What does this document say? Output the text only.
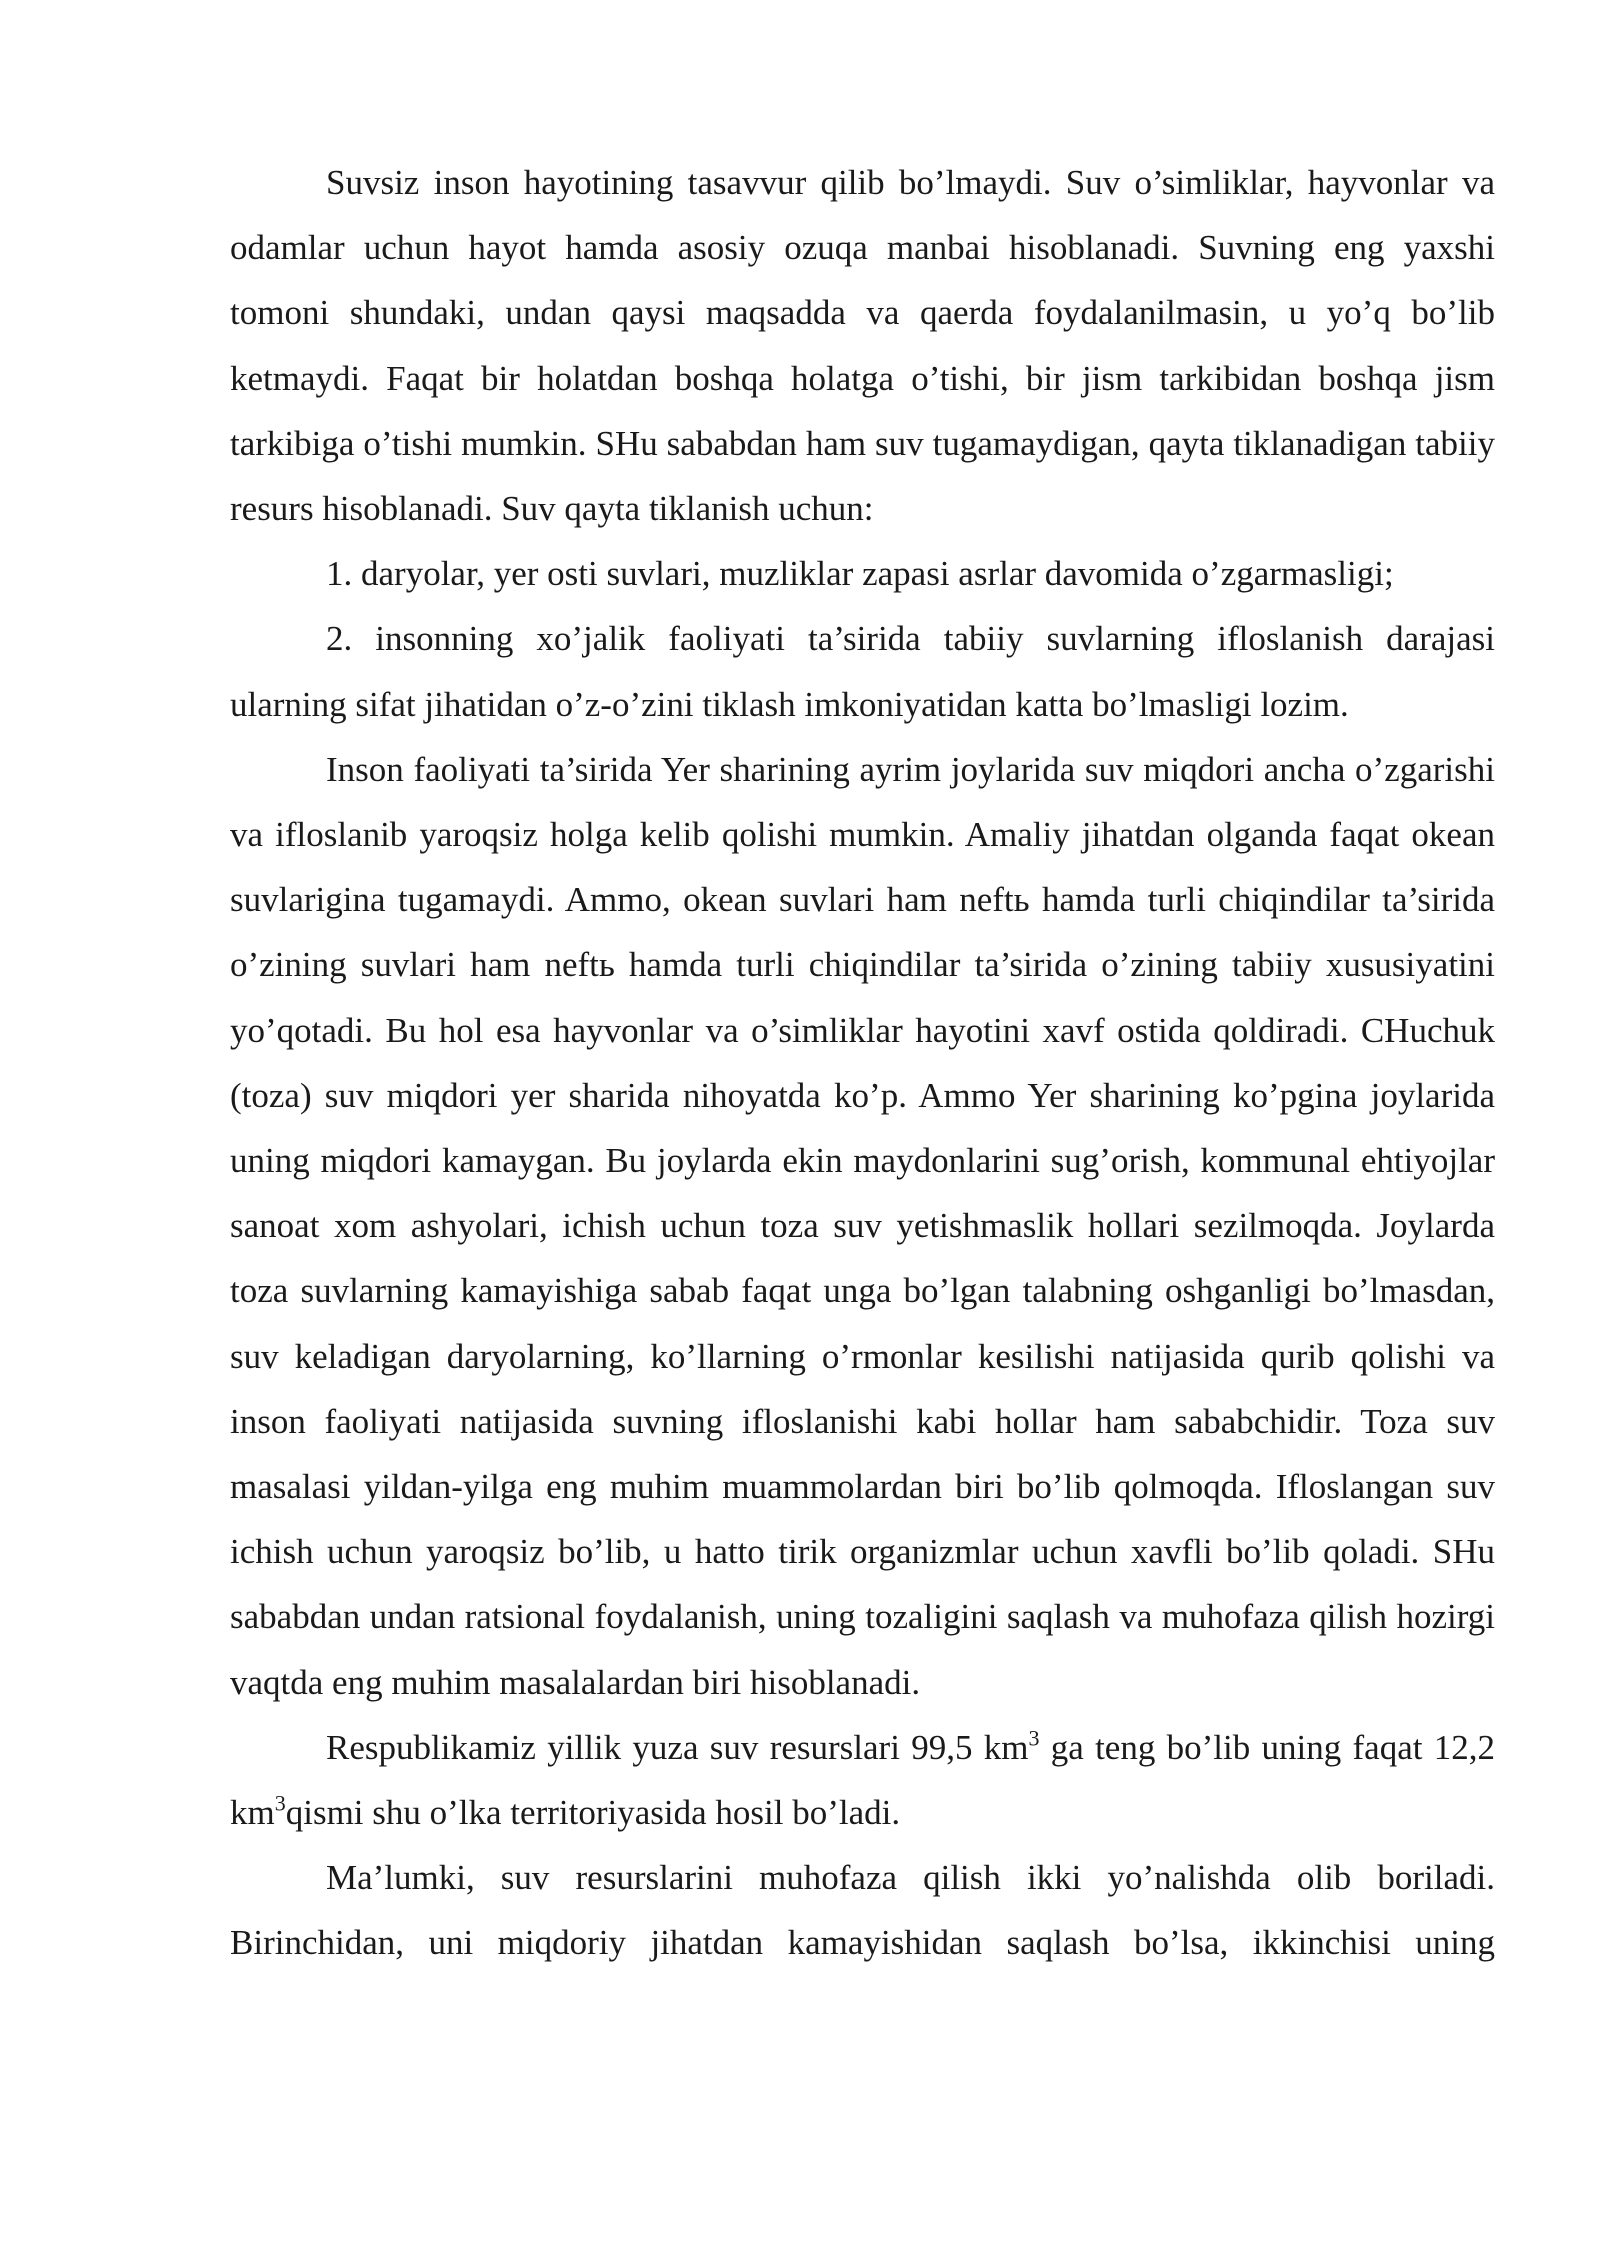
Suvsiz inson hayotining tasavvur qilib bo’lmaydi. Suv o’simliklar, hayvonlar va odamlar uchun hayot hamda asosiy ozuqa manbai hisoblanadi. Suvning eng yaxshi tomoni shundaki, undan qaysi maqsadda va qaerda foydalanilmasin, u yo’q bo’lib ketmaydi. Faqat bir holatdan boshqa holatga o’tishi, bir jism tarkibidan boshqa jism tarkibiga o’tishi mumkin. SHu sababdan ham suv tugamaydigan, qayta tiklanadigan tabiiy resurs hisoblanadi. Suv qayta tiklanish uchun:

1. daryolar, yer osti suvlari, muzliklar zapasi asrlar davomida o’zgarmasligi;

2. insonning xo’jalik faoliyati ta’sirida tabiiy suvlarning ifloslanish darajasi ularning sifat jihatidan o’z-o’zini tiklash imkoniyatidan katta bo’lmasligi lozim.

Inson faoliyati ta’sirida Yer sharining ayrim joylarida suv miqdori ancha o’zgarishi va ifloslanib yaroqsiz holga kelib qolishi mumkin. Amaliy jihatdan olganda faqat okean suvlarigina tugamaydi. Ammo, okean suvlari ham neftь hamda turli chiqindilar ta’sirida o’zining suvlari ham neftь hamda turli chiqindilar ta’sirida o’zining tabiiy xususiyatini yo’qotadi. Bu hol esa hayvonlar va o’simliklar hayotini xavf ostida qoldiradi. CHuchuk (toza) suv miqdori yer sharida nihoyatda ko’p. Ammo Yer sharining ko’pgina joylarida uning miqdori kamaygan. Bu joylarda ekin maydonlarini sug’orish, kommunal ehtiyojlar sanoat xom ashyolari, ichish uchun toza suv yetishmaslik hollari sezilmoqda. Joylarda toza suvlarning kamayishiga sabab faqat unga bo’lgan talabning oshganligi bo’lmasdan, suv keladigan daryolarning, ko’llarning o’rmonlar kesilishi natijasida qurib qolishi va inson faoliyati natijasida suvning ifloslanishi kabi hollar ham sababchidir. Toza suv masalasi yildan-yilga eng muhim muammolardan biri bo’lib qolmoqda. Ifloslangan suv ichish uchun yaroqsiz bo’lib, u hatto tirik organizmlar uchun xavfli bo’lib qoladi. SHu sababdan undan ratsional foydalanish, uning tozaligini saqlash va muhofaza qilish hozirgi vaqtda eng muhim masalalardan biri hisoblanadi.

Respublikamiz yillik yuza suv resurslari 99,5 $km^3$ ga teng bo’lib uning faqat 12,2 $km^3qismi$ shu o’lka territoriyasida hosil bo’ladi.

Ma’lumki, suv resurslarini muhofaza qilish ikki yo’nalishda olib boriladi. Birinchidan, uni miqdoriy jihatdan kamayishidan saqlash bo’lsa, ikkinchisi uning
